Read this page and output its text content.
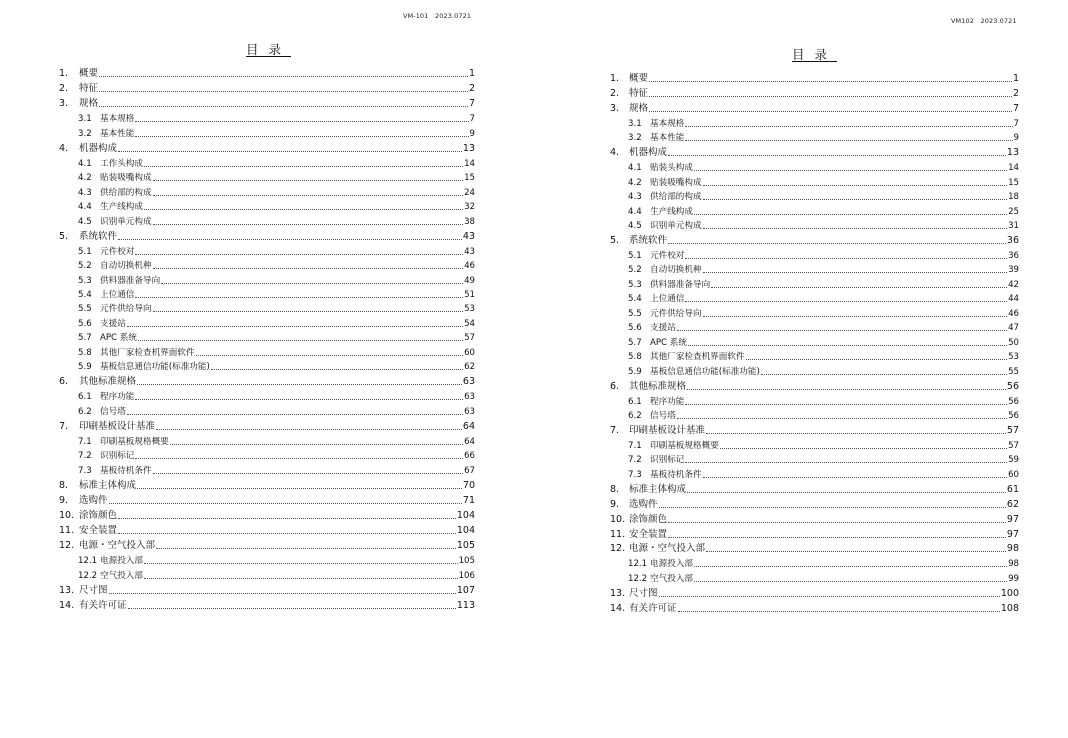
VM-101　2023.0721
目录
1.	概要	1
2.	特征	2
3.	规格	7
3.1 基本规格	7
3.2 基本性能	9
4.	机器构成	13
4.1 工作头构成	14
4.2 贴装吸嘴构成	15
4.3 供给部的构成	24
4.4 生产线构成	32
4.5 识别单元构成	38
5.	系统软件	43
5.1 元件校对	43
5.2 自动切换机种	46
5.3 供料器准备导向	49
5.4 上位通信	51
5.5 元件供给导向	53
5.6 支援站	54
5.7 APC 系统	57
5.8 其他厂家检查机界面软件	60
5.9 基板信息通信功能(标准功能)	62
6.	其他标准规格	63
6.1 程序功能	63
6.2 信号塔	63
7.	印刷基板设计基准	64
7.1 印刷基板规格概要	64
7.2 识别标记	66
7.3 基板待机条件	67
8.	标准主体构成	70
9.	选购件	71
10. 涂饰颜色	104
11. 安全装置	104
12. 电源・空气投入部	105
12.1 电源投入部	105
12.2 空气投入部	106
13. 尺寸图	107
14. 有关许可证	113
VM102　2023.0721
目录
1.	概要	1
2.	特征	2
3.	规格	7
3.1 基本规格	7
3.2 基本性能	9
4.	机器构成	13
4.1 贴装头构成	14
4.2 贴装吸嘴构成	15
4.3 供给部的构成	18
4.4 生产线构成	25
4.5 识别单元构成	31
5.	系统软件	36
5.1 元件校对	36
5.2 自动切换机种	39
5.3 供料器准备导向	42
5.4 上位通信	44
5.5 元件供给导向	46
5.6 支援站	47
5.7 APC 系统	50
5.8 其他厂家检查机界面软件	53
5.9 基板信息通信功能(标准功能)	55
6.	其他标准规格	56
6.1 程序功能	56
6.2 信号塔	56
7.	印刷基板设计基准	57
7.1 印刷基板规格概要	57
7.2 识别标记	59
7.3 基板待机条件	60
8.	标准主体构成	61
9.	选购件	62
10. 涂饰颜色	97
11. 安全装置	97
12. 电源・空气投入部	98
12.1 电源投入部	98
12.2 空气投入部	99
13. 尺寸图	100
14. 有关许可证	108
